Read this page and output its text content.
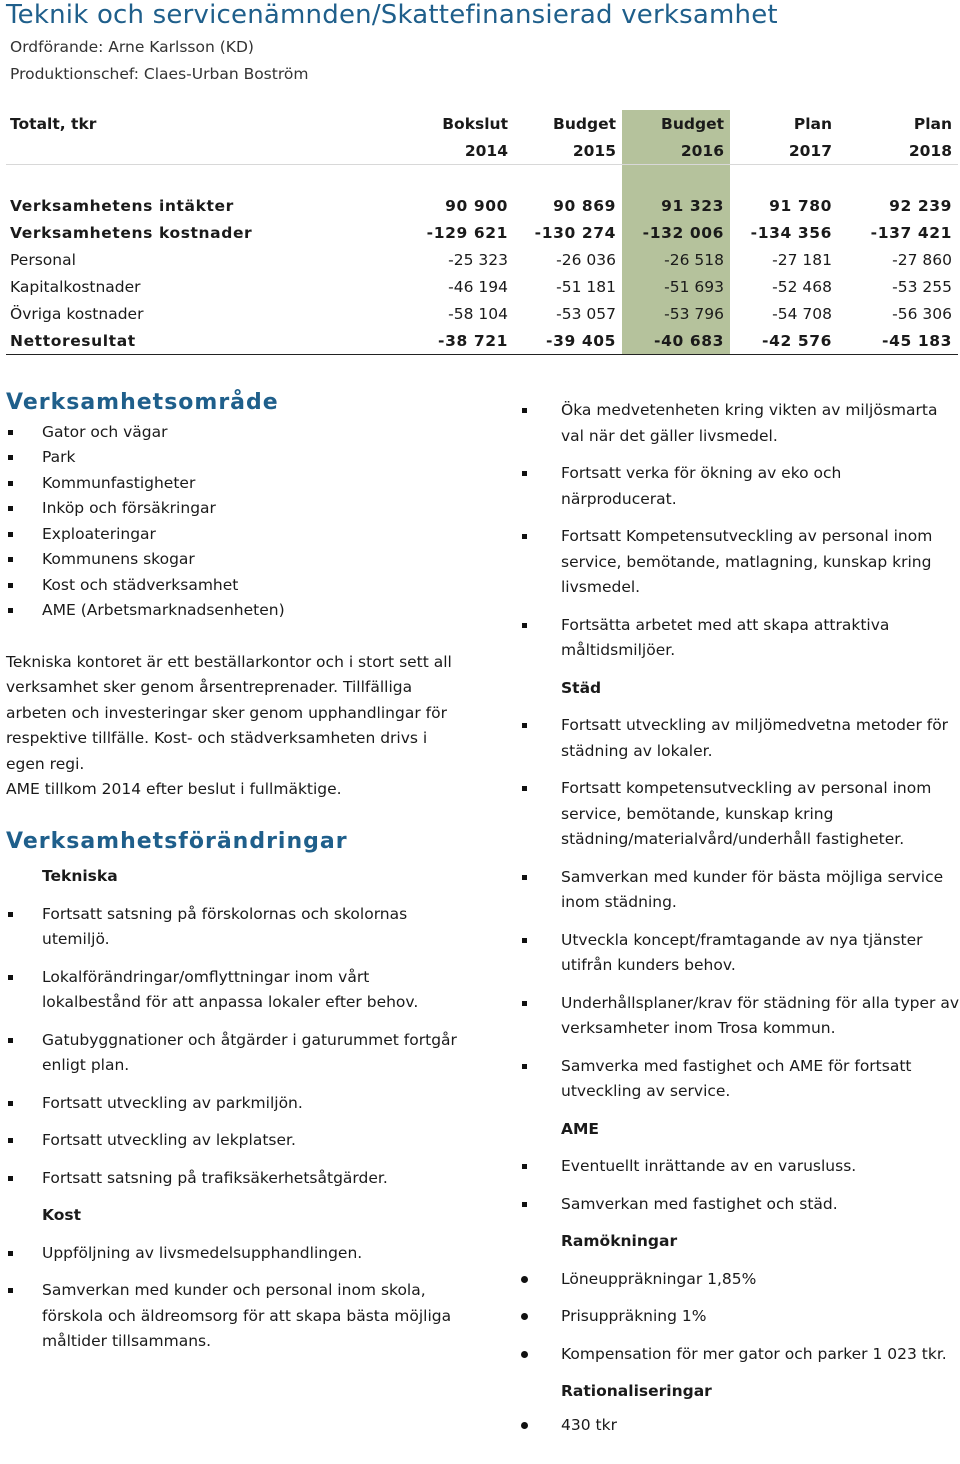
Teknik och servicenämnden/Skattefinansierad verksamhet
Ordförande: Arne Karlsson (KD)
Produktionschef: Claes-Urban Boström
Totalt, tkr	Bokslut	Budget	Budget	Plan	Plan
	2014	2015	2016	2017	2018

Verksamhetens intäkter	90 900	90 869	91 323	91 780	92 239
Verksamhetens kostnader	-129 621	-130 274	-132 006	-134 356	-137 421
Personal	-25 323	-26 036	-26 518	-27 181	-27 860
Kapitalkostnader	-46 194	-51 181	-51 693	-52 468	-53 255
Övriga kostnader	-58 104	-53 057	-53 796	-54 708	-56 306
Nettoresultat	-38 721	-39 405	-40 683	-42 576	-45 183
Verksamhetsområde
Gator och vägar
Park
Kommunfastigheter
Inköp och försäkringar
Exploateringar
Kommunens skogar
Kost och städverksamhet
AME (Arbetsmarknadsenheten)

Tekniska kontoret är ett beställarkontor och i stort sett all verksamhet sker genom årsentreprenader. Tillfälliga arbeten och investeringar sker genom upphandlingar för respektive tillfälle. Kost- och städverksamheten drivs i egen regi.

AME tillkom 2014 efter beslut i fullmäktige.

Verksamhetsförändringar
Tekniska
Fortsatt satsning på förskolornas och skolornas utemiljö.
Lokalförändringar/omflyttningar inom vårt lokalbestånd för att anpassa lokaler efter behov.
Gatubyggnationer och åtgärder i gaturummet fortgår enligt plan.
Fortsatt utveckling av parkmiljön.
Fortsatt utveckling av lekplatser.
Fortsatt satsning på trafiksäkerhetsåtgärder.
Kost
Uppföljning av livsmedelsupphandlingen.
Samverkan med kunder och personal inom skola, förskola och äldreomsorg för att skapa bästa möjliga måltider tillsammans.
Öka medvetenheten kring vikten av miljösmarta val när det gäller livsmedel.
Fortsatt verka för ökning av eko och närproducerat.
Fortsatt Kompetensutveckling av personal inom service, bemötande, matlagning, kunskap kring livsmedel.
Fortsätta arbetet med att skapa attraktiva måltidsmiljöer.
Städ
Fortsatt utveckling av miljömedvetna metoder för städning av lokaler.
Fortsatt kompetensutveckling av personal inom service, bemötande, kunskap kring städning/materialvård/underhåll fastigheter.
Samverkan med kunder för bästa möjliga service inom städning.
Utveckla koncept/framtagande av nya tjänster utifrån kunders behov.
Underhållsplaner/krav för städning för alla typer av verksamheter inom Trosa kommun.
Samverka med fastighet och AME för fortsatt utveckling av service.
AME
Eventuellt inrättande av en varusluss.
Samverkan med fastighet och städ.
Ramökningar
Löneuppräkningar 1,85%
Prisuppräkning 1%
Kompensation för mer gator och parker 1 023 tkr.
Rationaliseringar
430 tkr
